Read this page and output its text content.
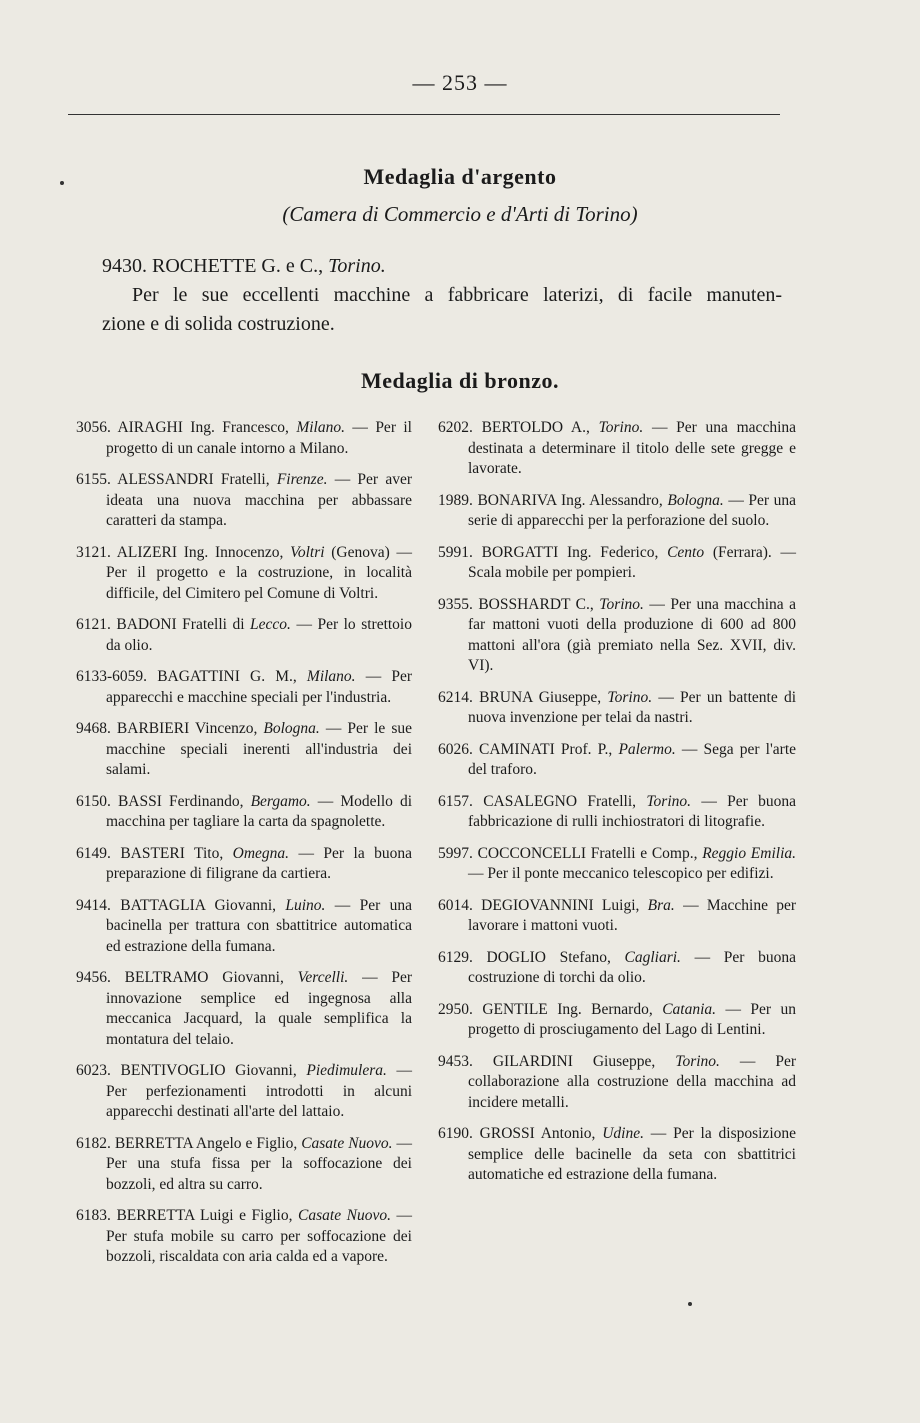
— 253 —
Medaglia d'argento
(Camera di Commercio e d'Arti di Torino)
9430. ROCHETTE G. e C., Torino.
Per le sue eccellenti macchine a fabbricare laterizi, di facile manuten-
zione e di solida costruzione.
Medaglia di bronzo.

3056. AIRAGHI Ing. Francesco, Milano. — Per il progetto di un canale intorno a Milano.

6155. ALESSANDRI Fratelli, Firenze. — Per aver ideata una nuova macchina per abbassare caratteri da stampa.

3121. ALIZERI Ing. Innocenzo, Voltri (Genova) — Per il progetto e la costruzione, in località difficile, del Cimitero pel Comune di Voltri.

6121. BADONI Fratelli di Lecco. — Per lo strettoio da olio.

6133-6059. BAGATTINI G. M., Milano. — Per apparecchi e macchine speciali per l'industria.

9468. BARBIERI Vincenzo, Bologna. — Per le sue macchine speciali inerenti all'industria dei salami.

6150. BASSI Ferdinando, Bergamo. — Modello di macchina per tagliare la carta da spagnolette.

6149. BASTERI Tito, Omegna. — Per la buona preparazione di filigrane da cartiera.

9414. BATTAGLIA Giovanni, Luino. — Per una bacinella per trattura con sbattitrice automatica ed estrazione della fumana.

9456. BELTRAMO Giovanni, Vercelli. — Per innovazione semplice ed ingegnosa alla meccanica Jacquard, la quale semplifica la montatura del telaio.

6023. BENTIVOGLIO Giovanni, Piedimulera. — Per perfezionamenti introdotti in alcuni apparecchi destinati all'arte del lattaio.

6182. BERRETTA Angelo e Figlio, Casate Nuovo. — Per una stufa fissa per la soffocazione dei bozzoli, ed altra su carro.

6183. BERRETTA Luigi e Figlio, Casate Nuovo. — Per stufa mobile su carro per soffocazione dei bozzoli, riscaldata con aria calda ed a vapore.

6202. BERTOLDO A., Torino. — Per una macchina destinata a determinare il titolo delle sete gregge e lavorate.

1989. BONARIVA Ing. Alessandro, Bologna. — Per una serie di apparecchi per la perforazione del suolo.

5991. BORGATTI Ing. Federico, Cento (Ferrara). — Scala mobile per pompieri.

9355. BOSSHARDT C., Torino. — Per una macchina a far mattoni vuoti della produzione di 600 ad 800 mattoni all'ora (già premiato nella Sez. XVII, div. VI).

6214. BRUNA Giuseppe, Torino. — Per un battente di nuova invenzione per telai da nastri.

6026. CAMINATI Prof. P., Palermo. — Sega per l'arte del traforo.

6157. CASALEGNO Fratelli, Torino. — Per buona fabbricazione di rulli inchiostratori di litografie.

5997. COCCONCELLI Fratelli e Comp., Reggio Emilia. — Per il ponte meccanico telescopico per edifizi.

6014. DEGIOVANNINI Luigi, Bra. — Macchine per lavorare i mattoni vuoti.

6129. DOGLIO Stefano, Cagliari. — Per buona costruzione di torchi da olio.

2950. GENTILE Ing. Bernardo, Catania. — Per un progetto di prosciugamento del Lago di Lentini.

9453. GILARDINI Giuseppe, Torino. — Per collaborazione alla costruzione della macchina ad incidere metalli.

6190. GROSSI Antonio, Udine. — Per la disposizione semplice delle bacinelle da seta con sbattitrici automatiche ed estrazione della fumana.
